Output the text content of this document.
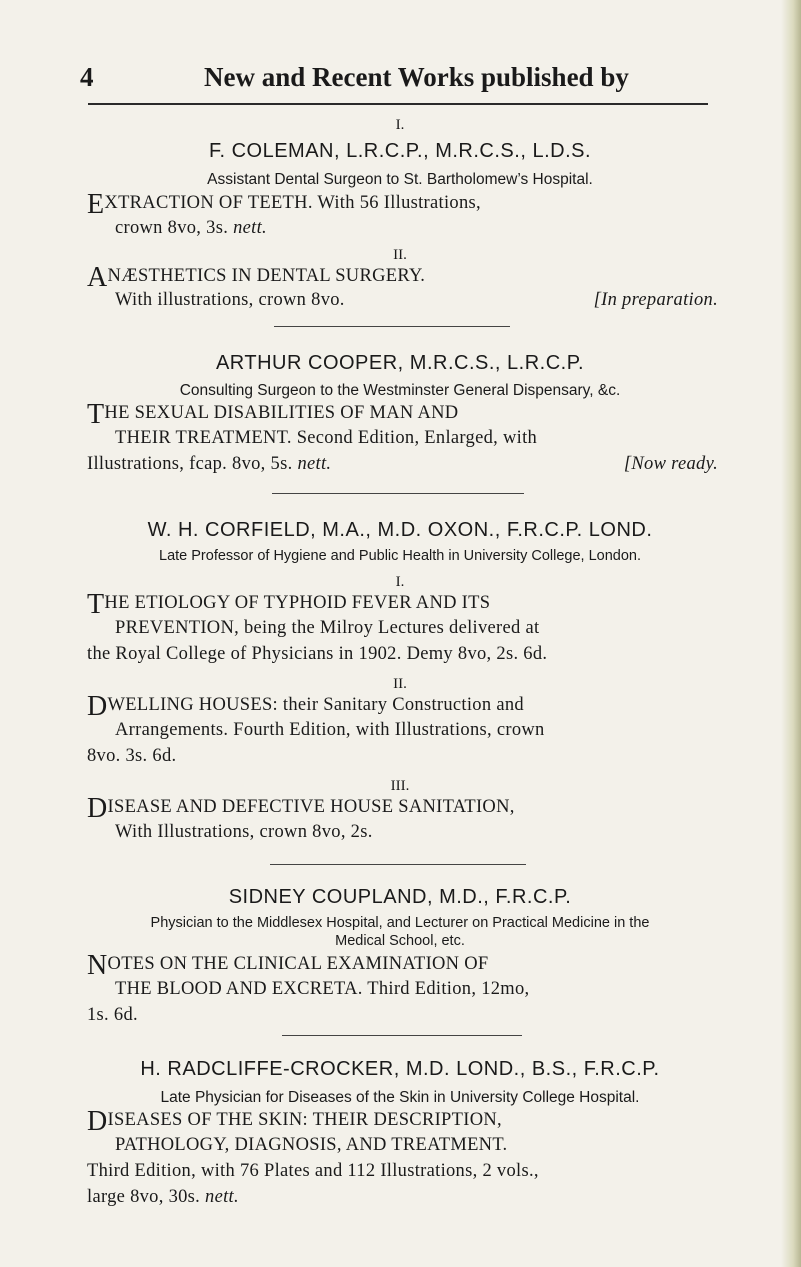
4	New and Recent Works published by
I.
F. COLEMAN, L.R.C.P., M.R.C.S., L.D.S.
Assistant Dental Surgeon to St. Bartholomew’s Hospital.
EXTRACTION OF TEETH. With 56 Illustrations,
crown 8vo, 3s. nett.
II.
ANÆSTHETICS IN DENTAL SURGERY.
With illustrations, crown 8vo.	[In preparation.
ARTHUR COOPER, M.R.C.S., L.R.C.P.
Consulting Surgeon to the Westminster General Dispensary, &c.
THE SEXUAL DISABILITIES OF MAN AND
THEIR TREATMENT. Second Edition, Enlarged, with
Illustrations, fcap. 8vo, 5s. nett.	[Now ready.
W. H. CORFIELD, M.A., M.D. OXON., F.R.C.P. LOND.
Late Professor of Hygiene and Public Health in University College, London.
I.
THE ETIOLOGY OF TYPHOID FEVER AND ITS
PREVENTION, being the Milroy Lectures delivered at
the Royal College of Physicians in 1902. Demy 8vo, 2s. 6d.
II.
DWELLING HOUSES: their Sanitary Construction and
Arrangements. Fourth Edition, with Illustrations, crown
8vo. 3s. 6d.
III.
DISEASE AND DEFECTIVE HOUSE SANITATION,
With Illustrations, crown 8vo, 2s.
SIDNEY COUPLAND, M.D., F.R.C.P.
Physician to the Middlesex Hospital, and Lecturer on Practical Medicine in the
Medical School, etc.
NOTES ON THE CLINICAL EXAMINATION OF
THE BLOOD AND EXCRETA. Third Edition, 12mo,
1s. 6d.
H. RADCLIFFE-CROCKER, M.D. LOND., B.S., F.R.C.P.
Late Physician for Diseases of the Skin in University College Hospital.
DISEASES OF THE SKIN: THEIR DESCRIPTION,
PATHOLOGY, DIAGNOSIS, AND TREATMENT.
Third Edition, with 76 Plates and 112 Illustrations, 2 vols.,
large 8vo, 30s. nett.
